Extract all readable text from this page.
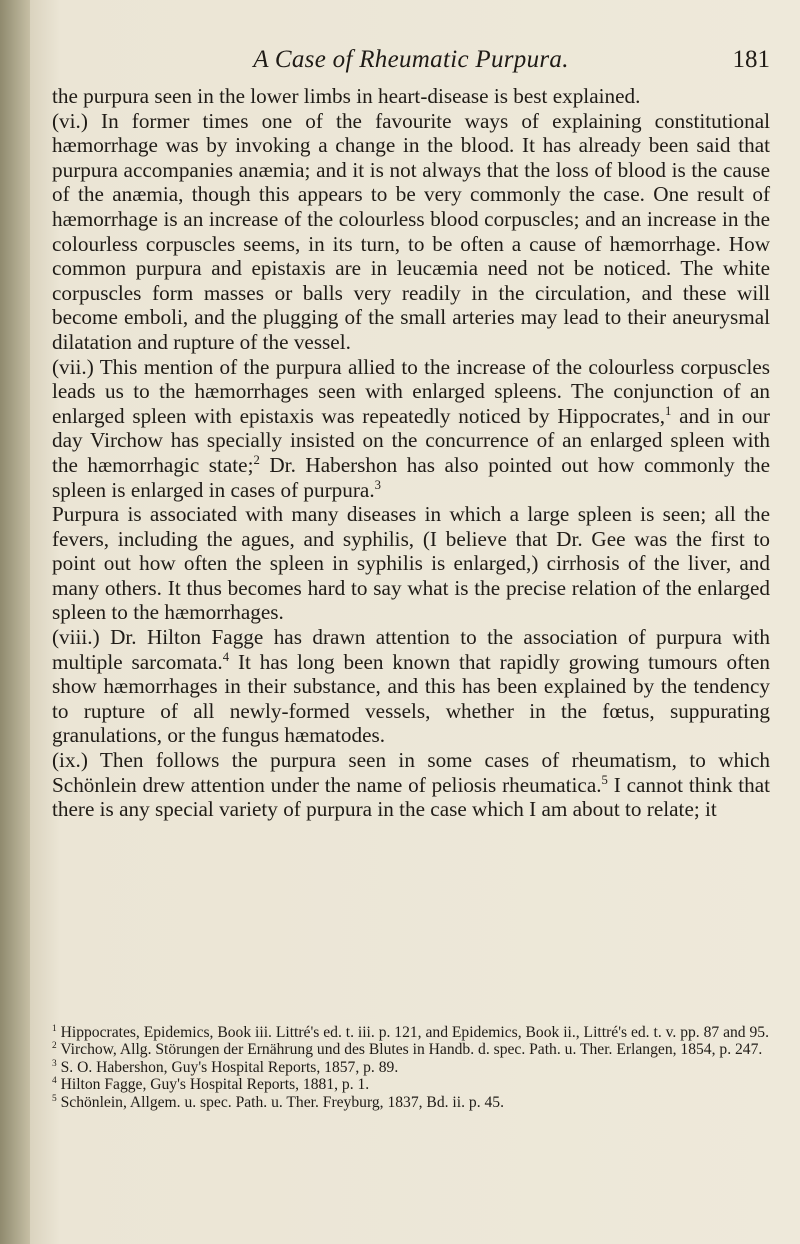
A Case of Rheumatic Purpura.	181

the purpura seen in the lower limbs in heart-disease is best explained.

(vi.) In former times one of the favourite ways of explaining constitutional hæmorrhage was by invoking a change in the blood. It has already been said that purpura accompanies anæmia; and it is not always that the loss of blood is the cause of the anæmia, though this appears to be very commonly the case. One result of hæmorrhage is an increase of the colourless blood corpuscles; and an increase in the colourless corpuscles seems, in its turn, to be often a cause of hæmorrhage. How common purpura and epistaxis are in leucæmia need not be noticed. The white corpuscles form masses or balls very readily in the circulation, and these will become emboli, and the plugging of the small arteries may lead to their aneurysmal dilatation and rupture of the vessel.

(vii.) This mention of the purpura allied to the increase of the colourless corpuscles leads us to the hæmorrhages seen with enlarged spleens. The conjunction of an enlarged spleen with epistaxis was repeatedly noticed by Hippocrates,$^1$ and in our day Virchow has specially insisted on the concurrence of an enlarged spleen with the hæmorrhagic state;$^2$ Dr. Habershon has also pointed out how commonly the spleen is enlarged in cases of purpura.$^3$

Purpura is associated with many diseases in which a large spleen is seen; all the fevers, including the agues, and syphilis, (I believe that Dr. Gee was the first to point out how often the spleen in syphilis is enlarged,) cirrhosis of the liver, and many others. It thus becomes hard to say what is the precise relation of the enlarged spleen to the hæmorrhages.

(viii.) Dr. Hilton Fagge has drawn attention to the association of purpura with multiple sarcomata.$^4$ It has long been known that rapidly growing tumours often show hæmorrhages in their substance, and this has been explained by the tendency to rupture of all newly-formed vessels, whether in the fœtus, suppurating granulations, or the fungus hæmatodes.

(ix.) Then follows the purpura seen in some cases of rheumatism, to which Schönlein drew attention under the name of peliosis rheumatica.$^5$ I cannot think that there is any special variety of purpura in the case which I am about to relate; it

$^1$ Hippocrates, Epidemics, Book iii. Littré's ed. t. iii. p. 121, and Epidemics, Book ii., Littré's ed. t. v. pp. 87 and 95.

$^2$ Virchow, Allg. Störungen der Ernährung und des Blutes in Handb. d. spec. Path. u. Ther. Erlangen, 1854, p. 247.

$^3$ S. O. Habershon, Guy's Hospital Reports, 1857, p. 89.

$^4$ Hilton Fagge, Guy's Hospital Reports, 1881, p. 1.

$^5$ Schönlein, Allgem. u. spec. Path. u. Ther. Freyburg, 1837, Bd. ii. p. 45.
